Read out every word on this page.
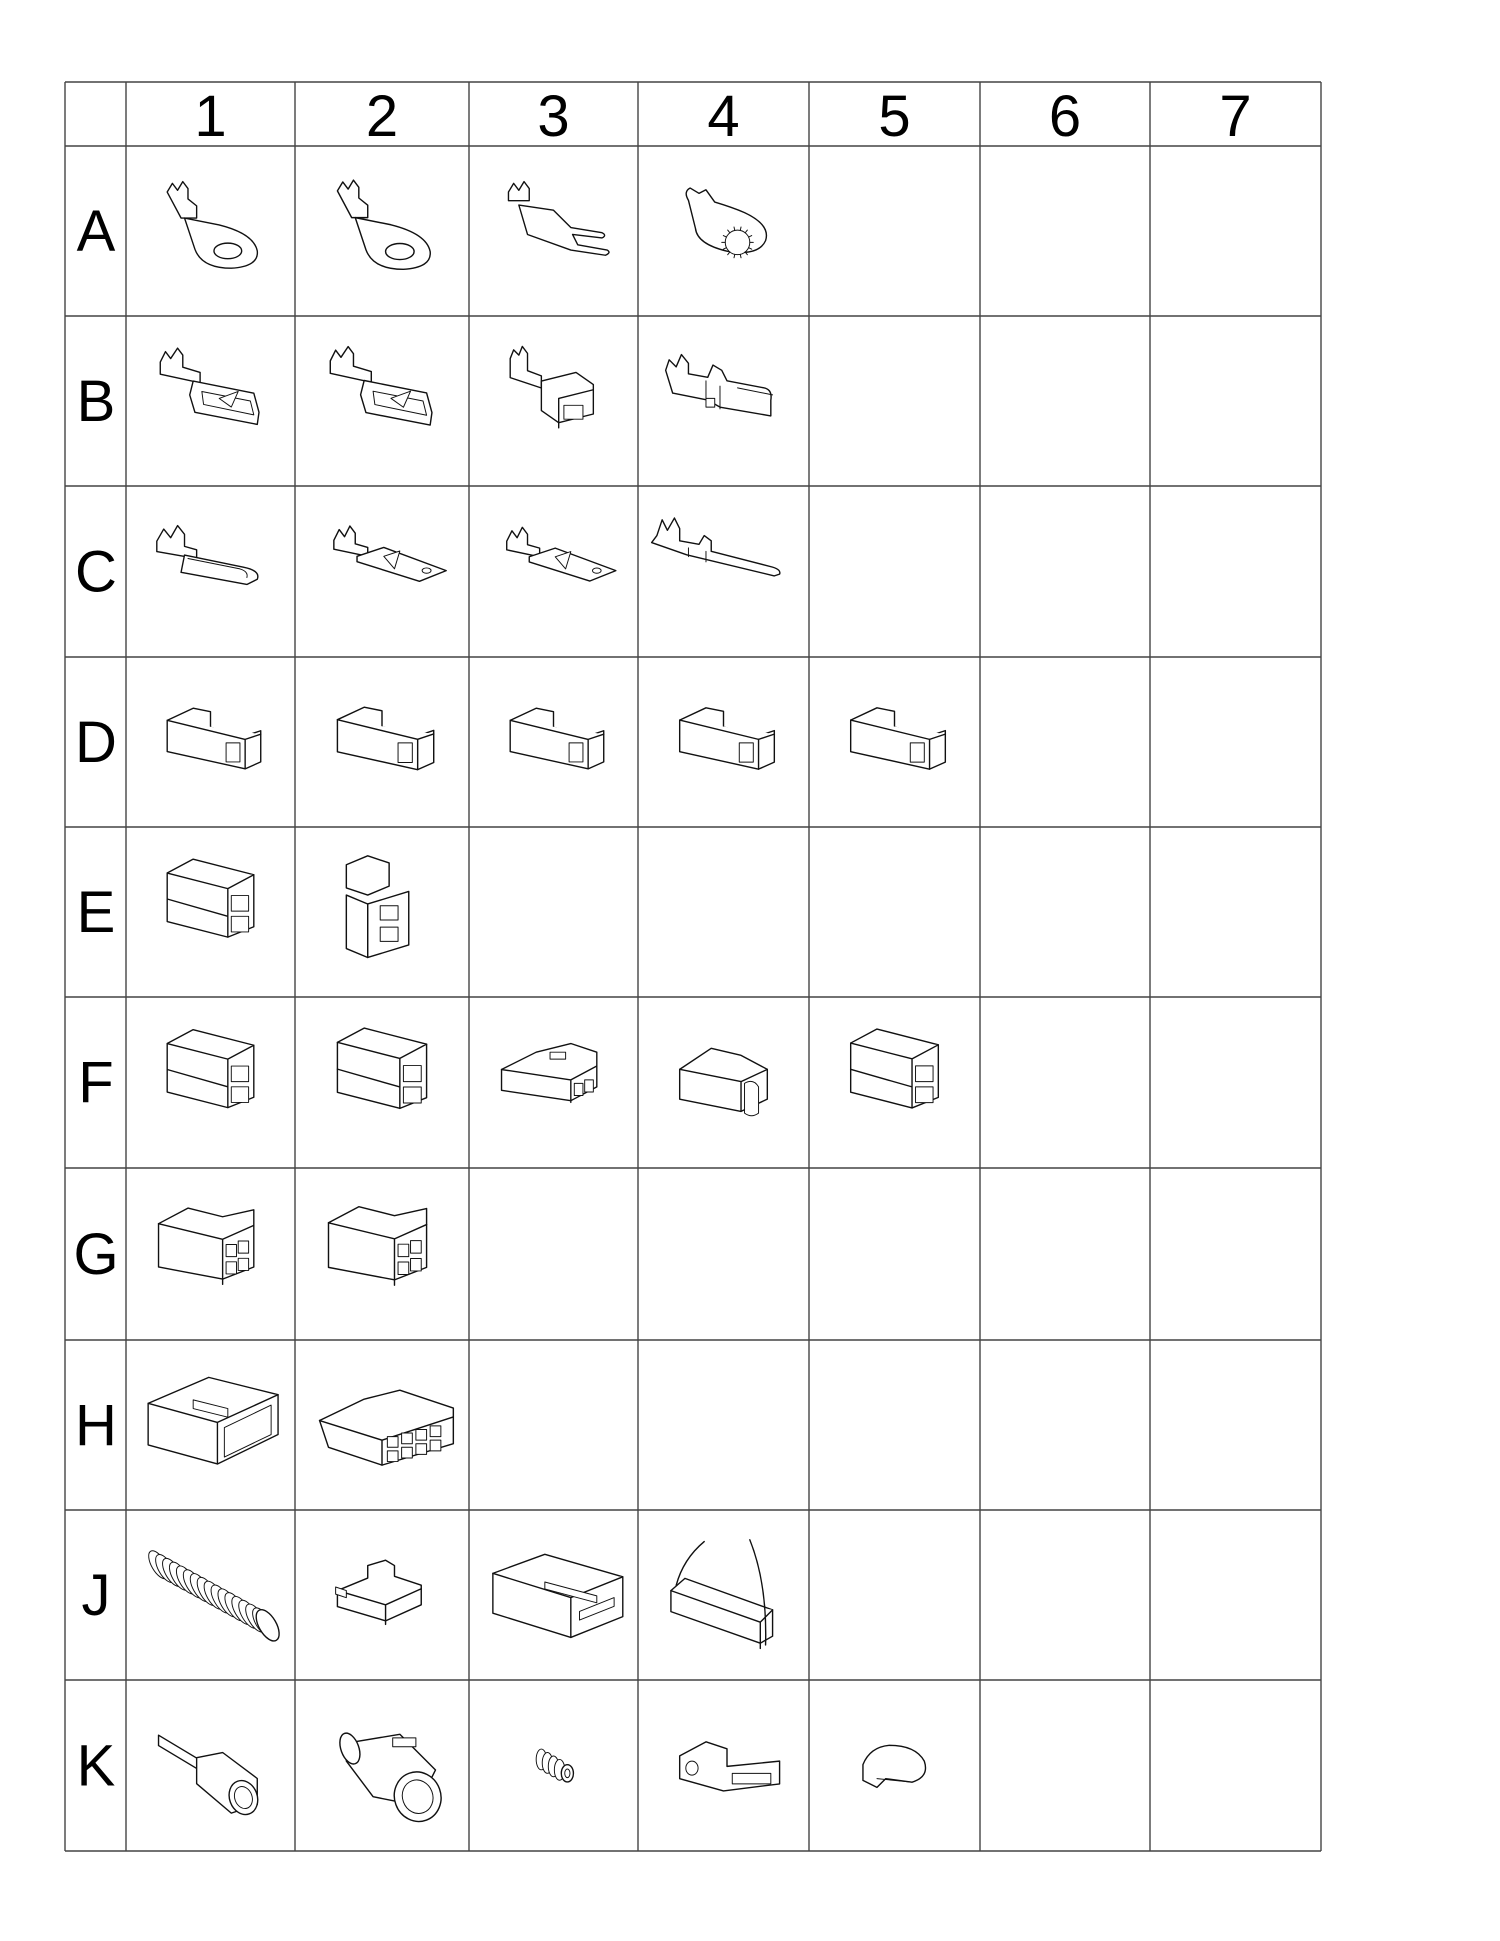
1 2 3 4 5 6 7
A
B
C
D
E
F
G
H
J
K
